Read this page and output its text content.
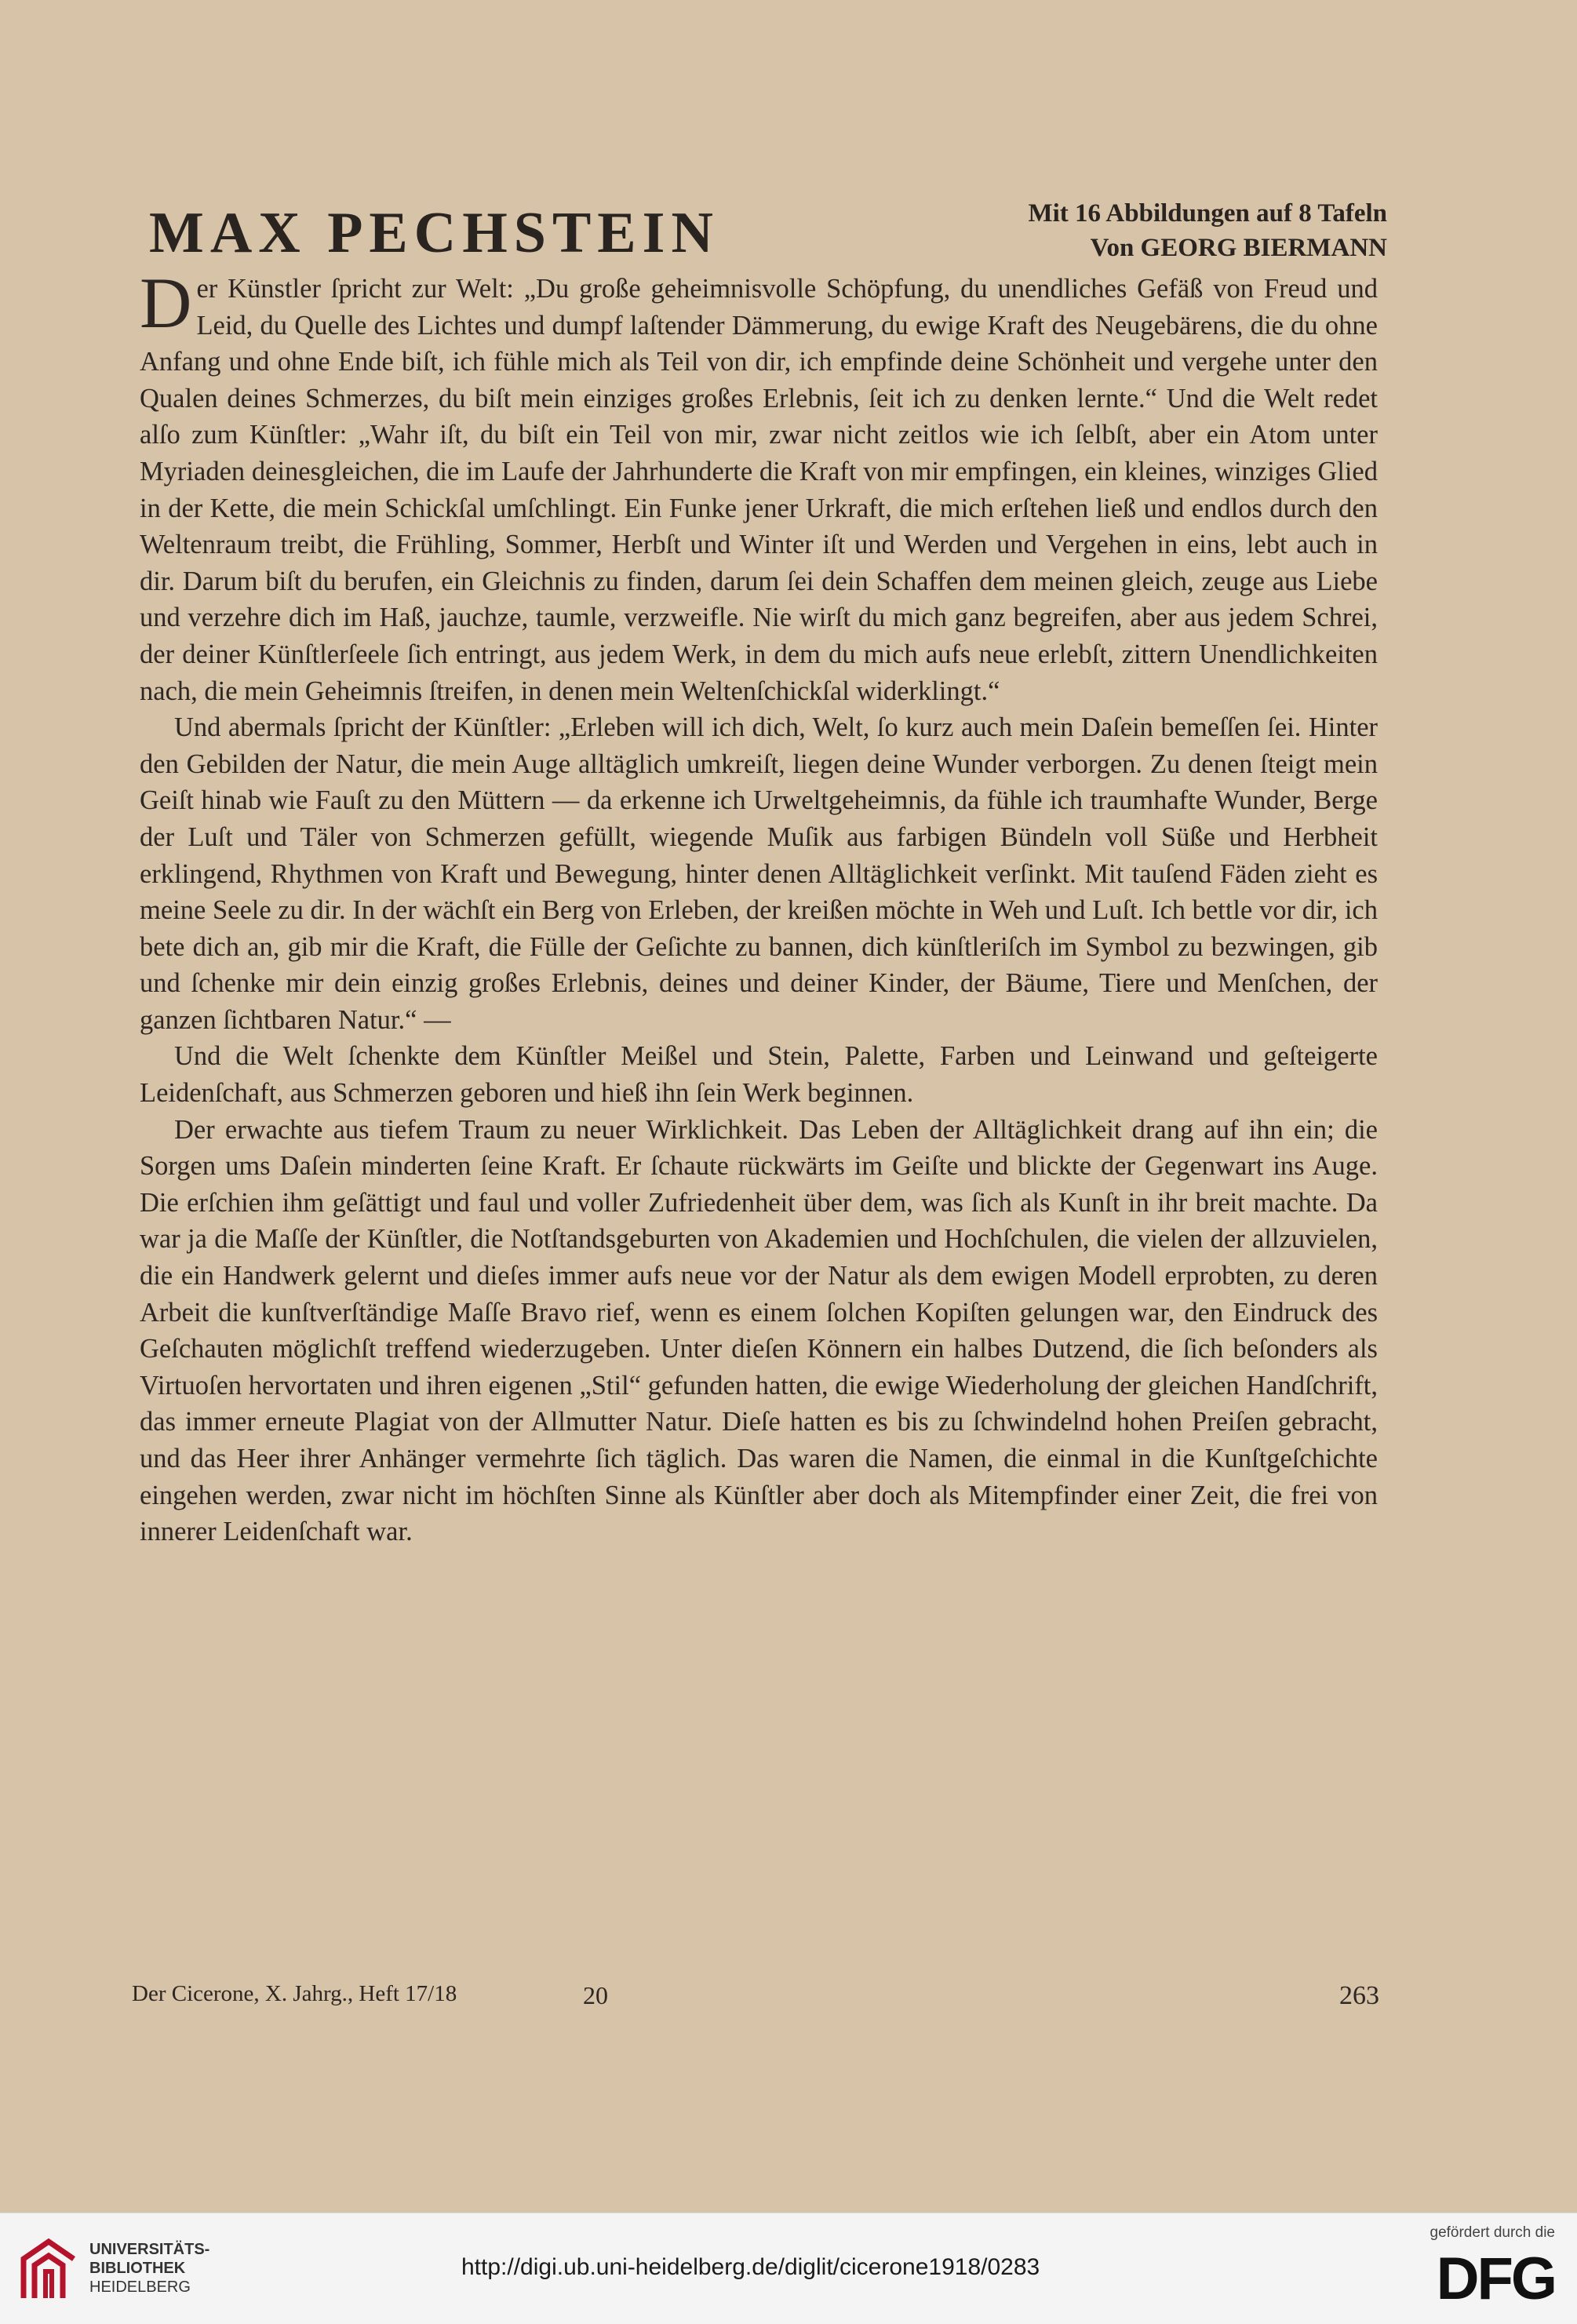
MAX PECHSTEIN	Mit 16 Abbildungen auf 8 Tafeln
Von GEORG BIERMANN

Der Künstler ſpricht zur Welt: „Du große geheimnisvolle Schöpfung, du unendliches Gefäß von Freud und Leid, du Quelle des Lichtes und dumpf laſtender Dämmerung, du ewige Kraft des Neugebärens, die du ohne Anfang und ohne Ende biſt, ich fühle mich als Teil von dir, ich empfinde deine Schönheit und vergehe unter den Qualen deines Schmerzes, du biſt mein einziges großes Erlebnis, ſeit ich zu denken lernte.“ Und die Welt redet alſo zum Künſtler: „Wahr iſt, du biſt ein Teil von mir, zwar nicht zeitlos wie ich ſelbſt, aber ein Atom unter Myriaden deinesgleichen, die im Laufe der Jahrhunderte die Kraft von mir empfingen, ein kleines, winziges Glied in der Kette, die mein Schickſal umſchlingt. Ein Funke jener Urkraft, die mich erſtehen ließ und endlos durch den Weltenraum treibt, die Frühling, Sommer, Herbſt und Winter iſt und Werden und Vergehen in eins, lebt auch in dir. Darum biſt du berufen, ein Gleichnis zu finden, darum ſei dein Schaffen dem meinen gleich, zeuge aus Liebe und verzehre dich im Haß, jauchze, taumle, verzweifle. Nie wirſt du mich ganz begreifen, aber aus jedem Schrei, der deiner Künſtlerſeele ſich entringt, aus jedem Werk, in dem du mich aufs neue erlebſt, zittern Unendlichkeiten nach, die mein Geheimnis ſtreifen, in denen mein Weltenſchickſal widerklingt.“

Und abermals ſpricht der Künſtler: „Erleben will ich dich, Welt, ſo kurz auch mein Daſein bemeſſen ſei. Hinter den Gebilden der Natur, die mein Auge alltäglich umkreiſt, liegen deine Wunder verborgen. Zu denen ſteigt mein Geiſt hinab wie Fauſt zu den Müttern — da erkenne ich Urweltgeheimnis, da fühle ich traumhafte Wunder, Berge der Luſt und Täler von Schmerzen gefüllt, wiegende Muſik aus farbigen Bündeln voll Süße und Herbheit erklingend, Rhythmen von Kraft und Bewegung, hinter denen Alltäglichkeit verſinkt. Mit tauſend Fäden zieht es meine Seele zu dir. In der wächſt ein Berg von Erleben, der kreißen möchte in Weh und Luſt. Ich bettle vor dir, ich bete dich an, gib mir die Kraft, die Fülle der Geſichte zu bannen, dich künſtleriſch im Symbol zu bezwingen, gib und ſchenke mir dein einzig großes Erlebnis, deines und deiner Kinder, der Bäume, Tiere und Menſchen, der ganzen ſichtbaren Natur.“ —

Und die Welt ſchenkte dem Künſtler Meißel und Stein, Palette, Farben und Leinwand und geſteigerte Leidenſchaft, aus Schmerzen geboren und hieß ihn ſein Werk beginnen.

Der erwachte aus tiefem Traum zu neuer Wirklichkeit. Das Leben der Alltäglichkeit drang auf ihn ein; die Sorgen ums Daſein minderten ſeine Kraft. Er ſchaute rückwärts im Geiſte und blickte der Gegenwart ins Auge. Die erſchien ihm geſättigt und faul und voller Zufriedenheit über dem, was ſich als Kunſt in ihr breit machte. Da war ja die Maſſe der Künſtler, die Notſtandsgeburten von Akademien und Hochſchulen, die vielen der allzuvielen, die ein Handwerk gelernt und dieſes immer aufs neue vor der Natur als dem ewigen Modell erprobten, zu deren Arbeit die kunſtverſtändige Maſſe Bravo rief, wenn es einem ſolchen Kopiſten gelungen war, den Eindruck des Geſchauten möglichſt treffend wiederzugeben. Unter dieſen Könnern ein halbes Dutzend, die ſich beſonders als Virtuoſen hervortaten und ihren eigenen „Stil“ gefunden hatten, die ewige Wiederholung der gleichen Handſchrift, das immer erneute Plagiat von der Allmutter Natur. Dieſe hatten es bis zu ſchwindelnd hohen Preiſen gebracht, und das Heer ihrer Anhänger vermehrte ſich täglich. Das waren die Namen, die einmal in die Kunſtgeſchichte eingehen werden, zwar nicht im höchſten Sinne als Künſtler aber doch als Mitempfinder einer Zeit, die frei von innerer Leidenſchaft war.

Der Cicerone, X. Jahrg., Heft 17/18	20	263
UNIVERSITÄTS-
BIBLIOTHEK
HEIDELBERG
http://digi.ub.uni-heidelberg.de/diglit/cicerone1918/0283
gefördert durch die
DFG
